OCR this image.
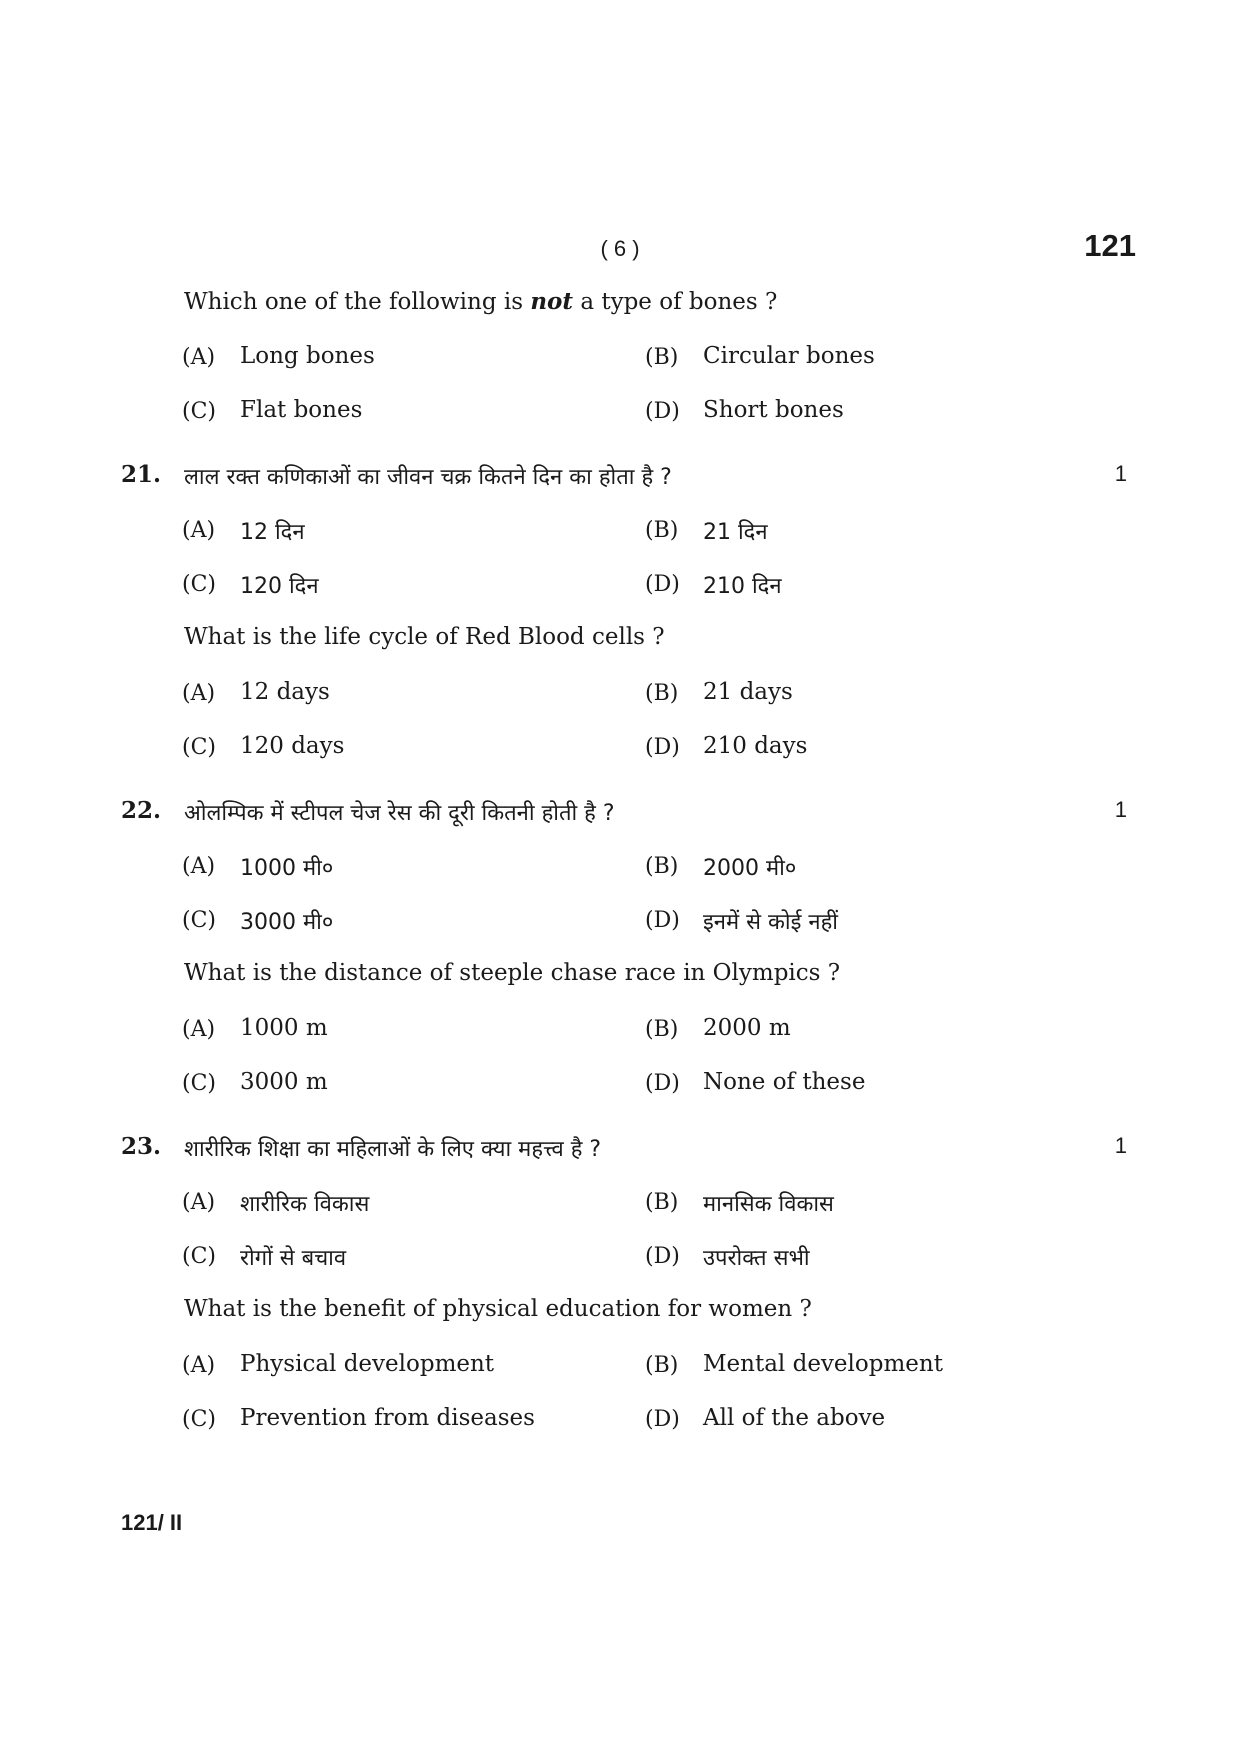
( 6 )	121
Which one of the following is not a type of bones ?
(A) Long bones	(B) Circular bones
(C) Flat bones	(D) Short bones
21. लाल रक्त कणिकाओं का जीवन चक्र कितने दिन का होता है ?	1
(A) 12 दिन	(B) 21 दिन
(C) 120 दिन	(D) 210 दिन
What is the life cycle of Red Blood cells ?
(A) 12 days	(B) 21 days
(C) 120 days	(D) 210 days
22. ओलम्पिक में स्टीपल चेज रेस की दूरी कितनी होती है ?	1
(A) 1000 मी०	(B) 2000 मी०
(C) 3000 मी०	(D) इनमें से कोई नहीं
What is the distance of steeple chase race in Olympics ?
(A) 1000 m	(B) 2000 m
(C) 3000 m	(D) None of these
23. शारीरिक शिक्षा का महिलाओं के लिए क्या महत्त्व है ?	1
(A) शारीरिक विकास	(B) मानसिक विकास
(C) रोगों से बचाव	(D) उपरोक्त सभी
What is the benefit of physical education for women ?
(A) Physical development	(B) Mental development
(C) Prevention from diseases	(D) All of the above
121/ II
